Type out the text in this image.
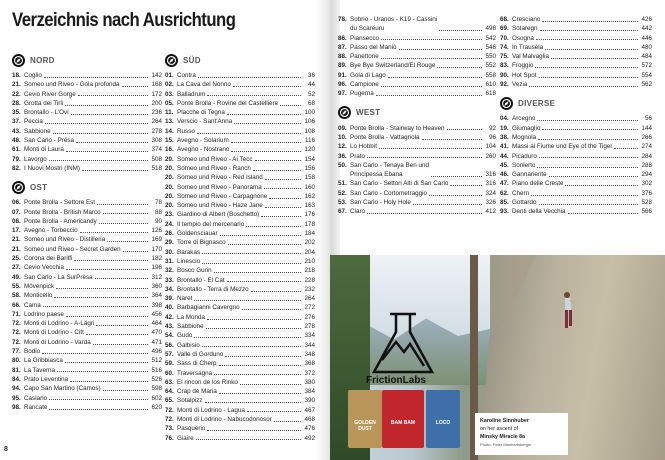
Verzeichnis nach Ausrichtung
NORD
18. Coglio	142
21. Someo und Riveo - Gola profonda	168
22. Cevio River Gorge	172
28. Grotta dei Tirli	200
35. Brontallo - L'Ovi	236
37. Peccia	264
43. Sabbione	278
48. San Carlo - Prësa	308
61. Monti di Laura	374
79. Lavorgo	508
82. I Nuovi Mostri (INM)	518
OST
06. Ponte Brolla - Settore Est	78
07. Ponte Brolla - British Marco	88
08. Ponte Brolla - Americandy	90
17. Avegno - Torbeccio	126
21. Someo und Riveo - Distilleria	169
21. Someo und Riveo - Secret Garden	170
25. Corona dei Barilfi	182
27. Cevio Vecchia	196
49. San Carlo - La SurPrësa	312
55. Mövenpick	360
58. Monticello	364
66. Cama	398
71. Lodrino paese	456
72. Monti di Lodrino - A-Lägri	464
72. Monti di Lodrino - Citt	470
72. Monti di Lodrino - Varda	471
77. Bodio	496
80. La Gribbiasca	512
81. La Taverna	516
84. Prato Leventina	526
94. Capo San Martino (Camos)	598
95. Caslano	602
98. Rancate	620
SÜD
01. Contra	36
02. La Cava del Nonno	44
03. Balladrum	52
05. Ponte Brolla - Rovine del Castelliere	68
11. Placche di Tegna	100
13. Verscio - Sant'Anna	106
14. Russo	108
15. Avegno - Solarium	116
16. Avegno - Nostrano	120
20. Someo und Riveo - Ai Tecc	154
20. Someo und Riveo - Ranch	156
20. Someo und Riveo - Red Island	158
20. Someo und Riveo - Panorama	160
20. Someo und Riveo - Carpagnone	162
20. Someo und Riveo - Haze Jane	163
23. Giardino di Albert (Boschetto)	176
24. Il tempio del mercenario	178
26. Goldensciauar	184
29. Torre di Bignasco	202
30. Barakas	204
31. Linescio	210
32. Bosco Gurin	218
33. Brontallo - El Cat	228
34. Brontallo - Terra di Mezzo	232
39. Naret	264
40. Barbagianni Cavergno	272
42. La Monda	276
43. Sabbione	278
54. Gudo	334
56. Galbisio	344
57. Valle di Gorduno	348
59. Sass di Cherp	368
60. Traversagna	372
63. El rincon de los Rinko	380
64. Crap de Maria	384
65. Sotalpizz	390
72. Monti di Lodrino - Lagua	467
72. Monti di Lodrino - Nabucodonosor	468
73. Pasquerio	476
76. Giaire	492
8
78. Sobrio - Uranos - K19 - Cassini
du Scaréuru	498
86. Piansecco	542
87. Passo del Maniò	546
88. Panettone	550
89. Bye Bye Switzerland/El Rouge	552
91. Gola di Lago	558
96. Campione	610
97. Pugerna	618
WEST
09. Ponte Brolla - Stairway to Heaven	92
10. Ponte Brolla - Vattagnola	96
12. Lo Hobbit	104
36. Prato	260
50. San Carlo - Tenaya Ben und
Principessa Ebana	316
51. San Carlo - Settori Alti di San Carlo	316
52. San Carlo - Cortometraggio	324
53. San Carlo - Holy Hole	326
67. Claro	412
68. Cresciano	426
69. Sotaregn	442
70. Osogna	446
74. In Trausèla	480
75. Val Malvaglia	484
83. Froggio	572
90. Hot Spot	554
92. Vezia	562
DIVERSE
04. Arcegno	56
19. Giumaglio	144
38. Mognola	266
41. Massi al Fiume und Eye of the Tiger	274
44. Picaduro	284
45. Sonlerto	288
46. Gannariente	294
47. Piano delle Creste	302
62. Chern	376
85. Gottardo	528
93. Denti della Vecchia	566
FrictionLabs
GOLDEN DUST
BAM BAM	LOCO	Karoline Sinnhuber
on her ascent of
Minsky Miracle 8a
Photo: Peter Manhartsberger
